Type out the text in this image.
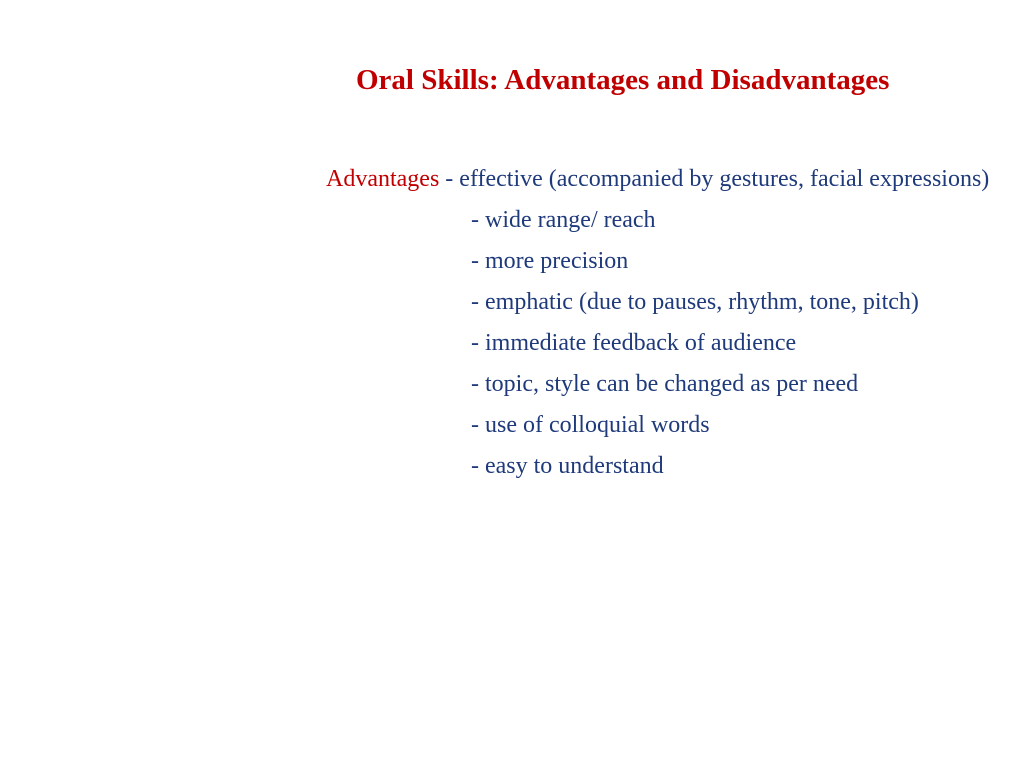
Oral Skills: Advantages and Disadvantages

Advantages - effective (accompanied by gestures, facial expressions)

- wide range/ reach
- more precision
- emphatic (due to pauses, rhythm, tone, pitch)
- immediate feedback of audience
- topic, style can be changed as per need
- use of colloquial words
- easy to understand
